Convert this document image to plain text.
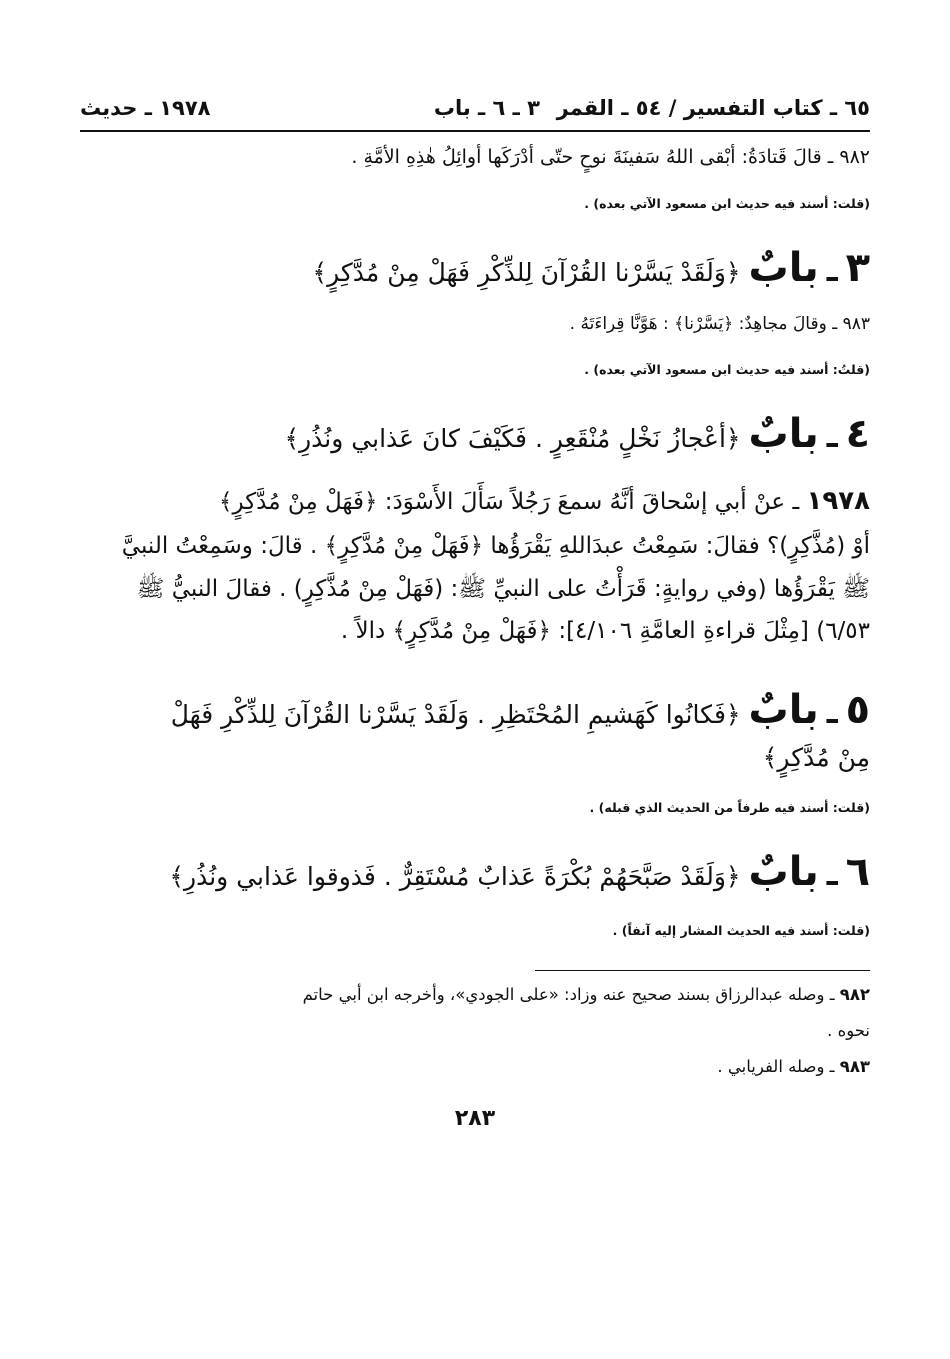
٦٥ ـ كتاب التفسير / ٥٤ ـ القمر
٣ ـ ٦ ـ باب
١٩٧٨ ـ حديث
٩٨٢ ـ قالَ قَتادَةُ: أبْقى اللهُ سَفينَةَ نوحٍ حتّى أدْرَكَها أوائِلُ هٰذِهِ الأمَّةِ .
(قلت: أسند فيه حديث ابن مسعود الآتي بعده) .
٣ ـ بابٌ ﴿وَلَقَدْ يَسَّرْنا القُرْآنَ لِلذِّكْرِ فَهَلْ مِنْ مُدَّكِرٍ﴾
٩٨٣ ـ وقالَ مجاهِدٌ: ﴿يَسَّرْنا﴾ : هَوَّنَّا قِراءَتَهُ .
(قلتُ: أسند فيه حديث ابن مسعود الآتي بعده) .
٤ ـ بابٌ ﴿أعْجازُ نَخْلٍ مُنْقَعِرٍ . فَكَيْفَ كانَ عَذابي ونُذُرِ﴾
١٩٧٨ ـ عنْ أبي إسْحاقَ أنَّهُ سمعَ رَجُلاً سَأَلَ الأَسْوَدَ: ﴿فَهَلْ مِنْ مُدَّكِرٍ﴾
أوْ (مُذَّكِرٍ)؟ فقالَ: سَمِعْتُ عبدَاللهِ يَقْرَؤُها ﴿فَهَلْ مِنْ مُدَّكِرٍ﴾ . قالَ: وسَمِعْتُ النبيَّ
ﷺ يَقْرَؤُها (وفي روايةٍ: قَرَأْتُ على النبيِّ ﷺ: (فَهَلْ مِنْ مُذَّكِرٍ) . فقالَ النبيُّ ﷺ
٦/٥٣) [مِثْلَ قراءةِ العامَّةِ ٤/١٠٦]: ﴿فَهَلْ مِنْ مُدَّكِرٍ﴾ دالاً .
٥ ـ بابٌ ﴿فَكانُوا كَهَشيمِ المُحْتَظِرِ . وَلَقَدْ يَسَّرْنا القُرْآنَ لِلذِّكْرِ فَهَلْ
مِنْ مُدَّكِرٍ﴾
(قلت: أسند فيه طرفاً من الحديث الذي قبله) .
٦ ـ بابٌ ﴿وَلَقَدْ صَبَّحَهُمْ بُكْرَةً عَذابٌ مُسْتَقِرٌّ . فَذوقوا عَذابي ونُذُرِ﴾
(قلت: أسند فيه الحديث المشار إليه آنفاً) .
٩٨٢ ـ وصله عبدالرزاق بسند صحيح عنه وزاد: «على الجودي»، وأخرجه ابن أبي حاتم
نحوه .
٩٨٣ ـ وصله الفريابي .
٢٨٣
